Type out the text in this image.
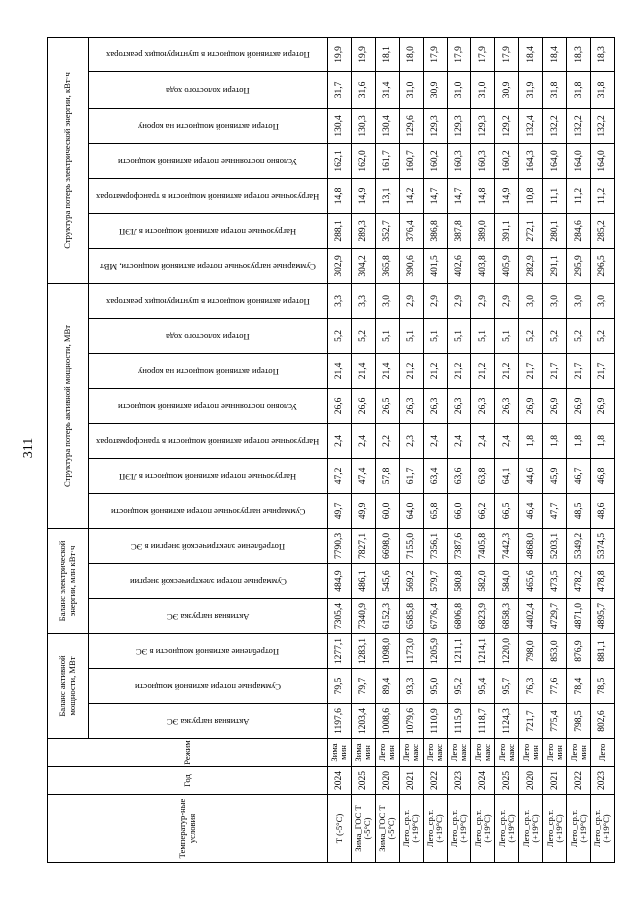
311
Температур-ные условия	Год	Режим	Баланс активной мощности, МВт			Баланс электрической энергии, млн кВт·ч			Структура потерь активной мощности, МВт							Структура потерь электрической энергии, кВт·ч						

			Активная нагрузка ЭС	Суммарные потери активной мощности	Потребление активной мощности в ЭС	Активная нагрузка ЭС	Суммарные потери электрической энергии	Потребление электрической энергии в ЭС	Суммарные нагрузочные потери активной мощности	Нагрузочные потери активной мощности в ЛЭП	Нагрузочные потери активной мощности в трансформаторах	Условно постоянные потери активной мощности	Потери активной мощности на корону	Потери холостого хода	Потери активной мощности в шунтирующих реакторах	Суммарные нагрузочные потери активной мощности, МВт	Нагрузочные потери активной мощности в ЛЭП	Нагрузочные потери активной мощности в трансформаторах	Условно постоянные потери активной мощности	Потери активной мощности на корону	Потери холостого хода	Потери активной мощности в шунтирующих реакторах

Т (-5°С)	2024	Зима мин	1197,6	79,5	1277,1	7305,4	484,9	7790,3	49,7	47,2	2,4	26,6	21,4	5,2	3,3	302,9	288,1	14,8	162,1	130,4	31,7	19,9
Зима_ГОС Т (-5°С)	2025	Зима мин	1203,4	79,7	1283,1	7340,9	486,1	7827,1	49,9	47,4	2,4	26,6	21,4	5,2	3,3	304,2	289,3	14,9	162,0	130,3	31,6	19,9
Зима_ГОС Т (-5°С)	2020	Лето мин	1008,6	89,4	1098,0	6152,3	545,6	6698,0	60,0	57,8	2,2	26,5	21,4	5,1	3,0	365,8	352,7	13,1	161,7	130,4	31,4	18,1
Лето_ср.т. (+19°С)	2021	Лето макс	1079,6	93,3	1173,0	6585,8	569,2	7155,0	64,0	61,7	2,3	26,3	21,2	5,1	2,9	390,6	376,4	14,2	160,7	129,6	31,0	18,0
Лето_ср.т. (+19°С)	2022	Лето макс	1110,9	95,0	1205,9	6776,4	579,7	7356,1	65,8	63,4	2,4	26,3	21,2	5,1	2,9	401,5	386,8	14,7	160,2	129,3	30,9	17,9
Лето_ср.т. (+19°С)	2023	Лето макс	1115,9	95,2	1211,1	6806,8	580,8	7387,6	66,0	63,6	2,4	26,3	21,2	5,1	2,9	402,6	387,8	14,7	160,3	129,3	31,0	17,9
Лето_ср.т. (+19°С)	2024	Лето макс	1118,7	95,4	1214,1	6823,9	582,0	7405,8	66,2	63,8	2,4	26,3	21,2	5,1	2,9	403,8	389,0	14,8	160,3	129,3	31,0	17,9
Лето_ср.т. (+19°С)	2025	Лето макс	1124,3	95,7	1220,0	6858,3	584,0	7442,3	66,5	64,1	2,4	26,3	21,2	5,1	2,9	405,9	391,1	14,9	160,2	129,2	30,9	17,9
Лето_ср.т. (+19°С)	2020	Лето мин	721,7	76,3	798,0	4402,4	465,6	4868,0	46,4	44,6	1,8	26,9	21,7	5,2	3,0	282,9	272,1	10,8	164,3	132,4	31,9	18,4
Лето_ср.т. (+19°С)	2021	Лето мин	775,4	77,6	853,0	4729,7	473,5	5203,1	47,7	45,9	1,8	26,9	21,7	5,2	3,0	291,1	280,1	11,1	164,0	132,2	31,8	18,4
Лето_ср.т. (+19°С)	2022	Лето мин	798,5	78,4	876,9	4871,0	478,2	5349,2	48,5	46,7	1,8	26,9	21,7	5,2	3,0	295,9	284,6	11,2	164,0	132,2	31,8	18,3
Лето_ср.т. (+19°С)	2023	Лето	802,6	78,5	881,1	4895,7	478,8	5374,5	48,6	46,8	1,8	26,9	21,7	5,2	3,0	296,5	285,2	11,2	164,0	132,2	31,8	18,3
